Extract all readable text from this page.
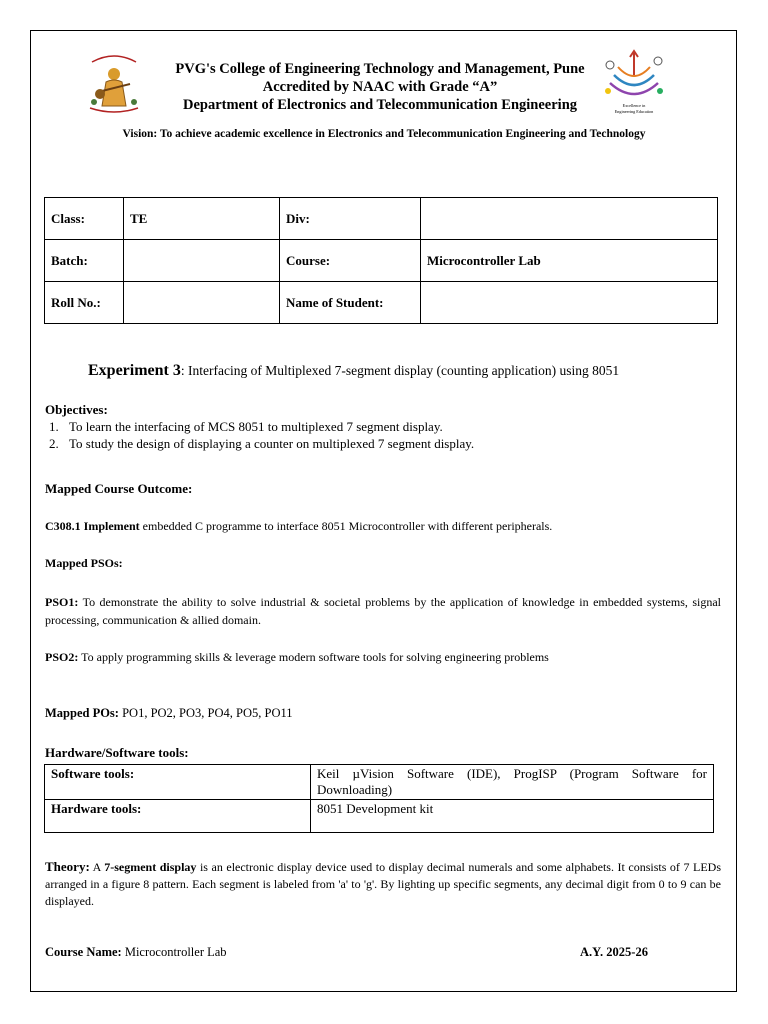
Excellence in
Engineering Education
PVG's College of Engineering Technology and Management, Pune
Accredited by NAAC with Grade “A”
Department of Electronics and Telecommunication Engineering
Vision: To achieve academic excellence in Electronics and Telecommunication Engineering and Technology
Class:	TE	Div:	
Batch:		Course:	Microcontroller Lab
Roll No.:		Name of Student:	
Experiment 3: Interfacing of Multiplexed 7-segment display (counting application) using 8051
Objectives:
1. To learn the interfacing of MCS 8051 to multiplexed 7 segment display.
2. To study the design of displaying a counter on multiplexed 7 segment display.
Mapped Course Outcome:
C308.1 Implement embedded C programme to interface 8051 Microcontroller with different peripherals.
Mapped PSOs:
PSO1: To demonstrate the ability to solve industrial & societal problems by the application of knowledge in embedded systems, signal processing, communication & allied domain.
PSO2: To apply programming skills & leverage modern software tools for solving engineering problems
Mapped POs: PO1, PO2, PO3, PO4, PO5, PO11
Hardware/Software tools:
Software tools:	Keil µVision Software (IDE), ProgISP (Program Software for Downloading)
Hardware tools:	8051 Development kit
Theory: A 7-segment display is an electronic display device used to display decimal numerals and some alphabets. It consists of 7 LEDs arranged in a figure 8 pattern. Each segment is labeled from 'a' to 'g'. By lighting up specific segments, any decimal digit from 0 to 9 can be displayed.
Course Name: Microcontroller Lab	A.Y. 2025-26
